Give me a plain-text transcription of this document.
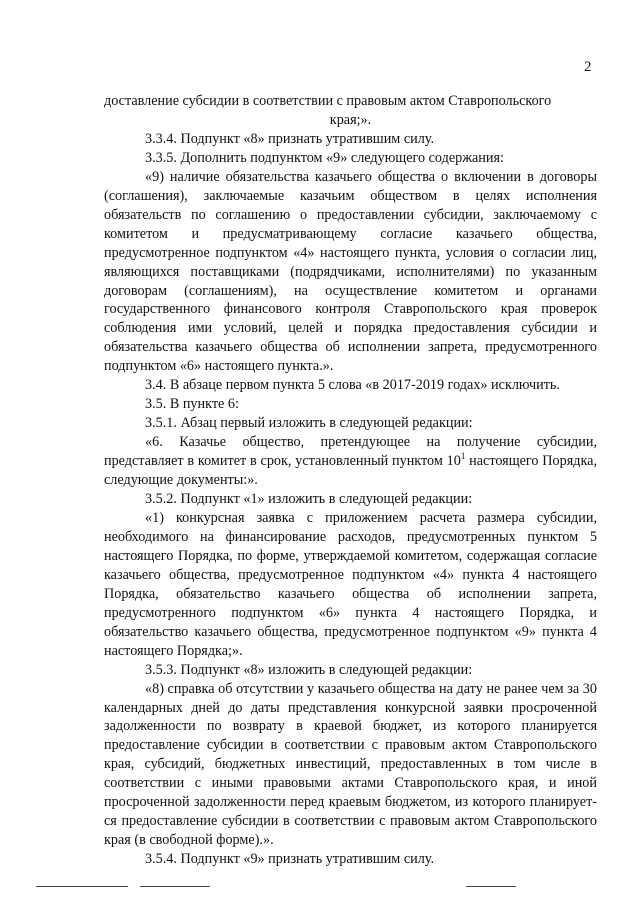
2

доставление субсидии в соответствии с правовым актом Ставропольского

края;».

3.3.4. Подпункт «8» признать утратившим силу.

3.3.5. Дополнить подпунктом «9» следующего содержания:

«9) наличие обязательства казачьего общества о включении в договоры (соглашения), заключаемые казачьим обществом в целях исполнения обязательств по соглашению о предоставлении субсидии, заключаемому с комитетом и предусматривающему согласие казачьего общества, предусмотренное подпунктом «4» настоящего пункта, условия о согласии лиц, являющихся поставщиками (подрядчиками, исполнителями) по указанным договорам (соглашениям), на осуществление комитетом и органами государственного финансового контроля Ставропольского края проверок соблюдения ими условий, целей и порядка предоставления субсидии и обязательства казачьего общества об исполнении запрета, предусмотренного подпунктом «6» настоящего пункта.».

3.4. В абзаце первом пункта 5 слова «в 2017-2019 годах» исключить.

3.5. В пункте 6:

3.5.1. Абзац первый изложить в следующей редакции:

«6. Казачье общество, претендующее на получение субсидии, представляет в комитет в срок, установленный пунктом $10^1$ настоящего Порядка, следующие документы:».

3.5.2. Подпункт «1» изложить в следующей редакции:

«1) конкурсная заявка с приложением расчета размера субсидии, необходимого на финансирование расходов, предусмотренных пунктом 5 настоящего Порядка, по форме, утверждаемой комитетом, содержащая согласие казачьего общества, предусмотренное подпунктом «4» пункта 4 настоящего Порядка, обязательство казачьего общества об исполнении запрета, предусмотренного подпунктом «6» пункта 4 настоящего Порядка, и обязательство казачьего общества, предусмотренное подпунктом «9» пункта 4 настоящего Порядка;».

3.5.3. Подпункт «8» изложить в следующей редакции:

«8) справка об отсутствии у казачьего общества на дату не ранее чем за 30 календарных дней до даты представления конкурсной заявки просроченной задолженности по возврату в краевой бюджет, из которого планируется предоставление субсидии в соответствии с правовым актом Ставропольского края, субсидий, бюджетных инвестиций, предоставленных в том числе в соответствии с иными правовыми актами Ставропольского края, и иной просроченной задолженности перед краевым бюджетом, из которого планирует-ся предоставление субсидии в соответствии с правовым актом Ставропольского края (в свободной форме).».

3.5.4. Подпункт «9» признать утратившим силу.
